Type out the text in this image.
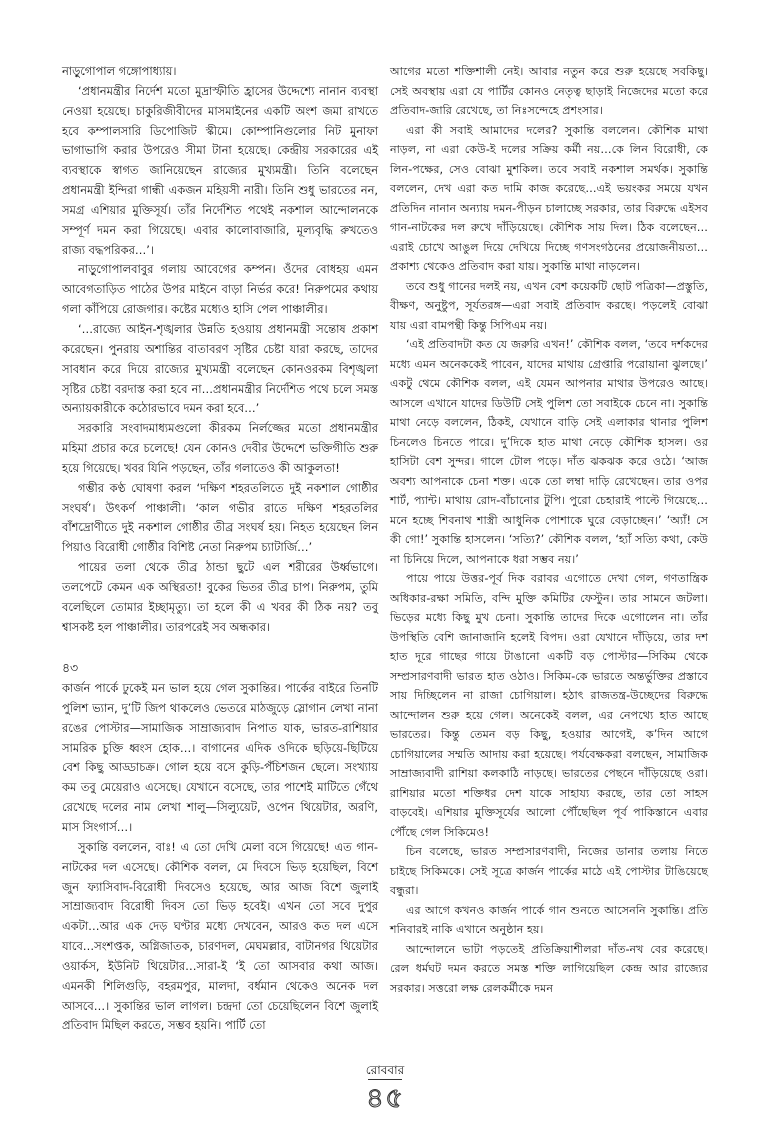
নাড়ুগোপাল গঙ্গোপাধ্যায়।

‘প্রধানমন্ত্রীর নির্দেশ মতো মুদ্রাস্ফীতি হ্রাসের উদ্দেশ্যে নানান ব্যবস্থা নেওয়া হয়েছে। চাকুরিজীবীদের মাসমাইনের একটি অংশ জমা রাখতে হবে কম্পালসারি ডিপোজিট স্কীমে। কোম্পানিগুলোর নিট মুনাফা ভাগাভাগি করার উপরেও সীমা টানা হয়েছে। কেন্দ্রীয় সরকারের এই ব্যবস্থাকে স্বাগত জানিয়েছেন রাজ্যের মুখ্যমন্ত্রী। তিনি বলেছেন প্রধানমন্ত্রী ইন্দিরা গান্ধী একজন মহিয়সী নারী। তিনি শুধু ভারতের নন, সমগ্র এশিয়ার মুক্তিসূর্য। তাঁর নির্দেশিত পথেই নকশাল আন্দোলনকে সম্পূর্ণ দমন করা গিয়েছে। এবার কালোবাজারি, মূল্যবৃদ্ধি রুখতেও রাজ্য বদ্ধপরিকর…’।

নাড়ুগোপালবাবুর গলায় আবেগের কম্পন। ওঁদের বোধহয় এমন আবেগতাড়িত পাঠের উপর মাইনে বাড়া নির্ভর করে! নিরুপমের কথায় গলা কাঁপিয়ে রোজগার। কষ্টের মধ্যেও হাসি পেল পাঞ্চালীর।

‘…রাজ্যে আইন-শৃঙ্খলার উন্নতি হওয়ায় প্রধানমন্ত্রী সন্তোষ প্রকাশ করেছেন। পুনরায় অশান্তির বাতাবরণ সৃষ্টির চেষ্টা যারা করছে, তাদের সাবধান করে দিয়ে রাজ্যের মুখ্যমন্ত্রী বলেছেন কোনওরকম বিশৃঙ্খলা সৃষ্টির চেষ্টা বরদাস্ত করা হবে না…প্রধানমন্ত্রীর নির্দেশিত পথে চলে সমস্ত অন্যায়কারীকে কঠোরভাবে দমন করা হবে…’

সরকারি সংবাদমাধ্যমগুলো কীরকম নির্লজ্জের মতো প্রধানমন্ত্রীর মহিমা প্রচার করে চলেছে! যেন কোনও দেবীর উদ্দেশে ভক্তিগীতি শুরু হয়ে গিয়েছে। খবর যিনি পড়ছেন, তাঁর গলাতেও কী আকুলতা!

গম্ভীর কণ্ঠ ঘোষণা করল ‘দক্ষিণ শহরতলিতে দুই নকশাল গোষ্ঠীর সংঘর্ষ’। উৎকর্ণ পাঞ্চালী। ‘কাল গভীর রাতে দক্ষিণ শহরতলির বাঁশদ্রোণীতে দুই নকশাল গোষ্ঠীর তীব্র সংঘর্ষ হয়। নিহত হয়েছেন লিন পিয়াও বিরোধী গোষ্ঠীর বিশিষ্ট নেতা নিরুপম চ্যাটার্জি…’

পায়ের তলা থেকে তীব্র ঠান্ডা ছুটে এল শরীরের উর্ধ্বভাগে। তলপেটে কেমন এক অস্থিরতা! বুকের ভিতর তীব্র চাপ। নিরুপম, তুমি বলেছিলে তোমার ইচ্ছামৃত্যু। তা হলে কী এ খবর কী ঠিক নয়? তবু শ্বাসকষ্ট হল পাঞ্চালীর। তারপরেই সব অন্ধকার।

৪৩

কার্জন পার্কে ঢুকেই মন ভাল হয়ে গেল সুকান্তির। পার্কের বাইরে তিনটি পুলিশ ভ্যান, দু’টি জিপ থাকলেও ভেতরে মাঠজুড়ে স্লোগান লেখা নানা রঙের পোস্টার—সামাজিক সাম্রাজ্যবাদ নিপাত যাক, ভারত-রাশিয়ার সামরিক চুক্তি ধ্বংস হোক…। বাগানের এদিক ওদিকে ছড়িয়ে-ছিটিয়ে বেশ কিছু আড্ডাচক্র। গোল হয়ে বসে কুড়ি-পঁচিশজন ছেলে। সংখ্যায় কম তবু মেয়েরাও এসেছে। যেখানে বসেছে, তার পাশেই মাটিতে গেঁথে রেখেছে দলের নাম লেখা শালু—সিল্যুয়েট, ওপেন থিয়েটার, অরণি, মাস সিংগার্স…।

সুকান্তি বললেন, বাঃ! এ তো দেখি মেলা বসে গিয়েছে! এত গান-নাটকের দল এসেছে। কৌশিক বলল, মে দিবসে ভিড় হয়েছিল, বিশে জুন ফ্যাসিবাদ-বিরোধী দিবসেও হয়েছে, আর আজ বিশে জুলাই সাম্রাজ্যবাদ বিরোধী দিবস তো ভিড় হবেই। এখন তো সবে দুপুর একটা…আর এক দেড় ঘণ্টার মধ্যে দেখবেন, আরও কত দল এসে যাবে…সংশপ্তক, অগ্নিজাতক, চারণদল, মেঘমল্লার, বাটানগর থিয়েটার ওয়ার্কস, ইউনিট থিয়েটার…সারা-ই ‘ই তো আসবার কথা আজ। এমনকী শিলিগুড়ি, বহরমপুর, মালদা, বর্ধমান থেকেও অনেক দল আসবে…। সুকান্তির ভাল লাগল। চন্দ্রদা তো চেয়েছিলেন বিশে জুলাই প্রতিবাদ মিছিল করতে, সম্ভব হয়নি। পার্টি তো

আগের মতো শক্তিশালী নেই। আবার নতুন করে শুরু হয়েছে সবকিছু। সেই অবস্থায় এরা যে পার্টির কোনও নেতৃত্ব ছাড়াই নিজেদের মতো করে প্রতিবাদ-জারি রেখেছে, তা নিঃসন্দেহে প্রশংসার।

এরা কী সবাই আমাদের দলের? সুকান্তি বললেন। কৌশিক মাথা নাড়ল, না এরা কেউ-ই দলের সক্রিয় কর্মী নয়…কে লিন বিরোধী, কে লিন-পক্ষের, সেও বোঝা মুশকিল। তবে সবাই নকশাল সমর্থক। সুকান্তি বললেন, দেখ এরা কত দামি কাজ করেছে…এই ভয়ংকর সময়ে যখন প্রতিদিন নানান অন্যায় দমন-পীড়ন চালাচ্ছে সরকার, তার বিরুদ্ধে এইসব গান-নাটকের দল রুখে দাঁড়িয়েছে। কৌশিক সায় দিল। ঠিক বলেছেন…এরাই চোখে আঙুল দিয়ে দেখিয়ে দিচ্ছে গণসংগঠনের প্রয়োজনীয়তা…প্রকাশ্য থেকেও প্রতিবাদ করা যায়। সুকান্তি মাথা নাড়লেন।

তবে শুধু গানের দলই নয়, এখন বেশ কয়েকটি ছোট পত্রিকা—প্রস্তুতি, বীক্ষণ, অনুষ্টুপ, সূর্যতরঙ্গ—এরা সবাই প্রতিবাদ করছে। পড়লেই বোঝা যায় এরা বামপন্থী কিন্তু সিপিএম নয়।

‘এই প্রতিবাদটা কত যে জরুরি এখন!’ কৌশিক বলল, ‘তবে দর্শকদের মধ্যে এমন অনেককেই পাবেন, যাদের মাথায় গ্রেপ্তারি পরোয়ানা ঝুলছে।’ একটু থেমে কৌশিক বলল, এই যেমন আপনার মাথার উপরেও আছে। আসলে এখানে যাদের ডিউটি সেই পুলিশ তো সবাইকে চেনে না। সুকান্তি মাথা নেড়ে বললেন, ঠিকই, যেখানে বাড়ি সেই এলাকার থানার পুলিশ চিনলেও চিনতে পারে। দু’দিকে হাত মাথা নেড়ে কৌশিক হাসল। ওর হাসিটা বেশ সুন্দর। গালে টোল পড়ে। দাঁত ঝকঝক করে ওঠে। ‘আজ অবশ্য আপনাকে চেনা শক্ত। একে তো লম্বা দাড়ি রেখেছেন। তার ওপর শার্ট, প্যান্ট। মাথায় রোদ-বাঁচানোর টুপি। পুরো চেহারাই পাল্টে গিয়েছে…মনে হচ্ছে শিবনাথ শাস্ত্রী আধুনিক পোশাকে ঘুরে বেড়াচ্ছেন।’ ‘অ্যাঁ! সে কী গো!’ সুকান্তি হাসলেন। ‘সত্যি?’ কৌশিক বলল, ‘হ্যাঁ সত্যি কথা, কেউ না চিনিয়ে দিলে, আপনাকে ধরা সম্ভব নয়।’

পায়ে পায়ে উত্তর-পূর্ব দিক বরাবর এগোতে দেখা গেল, গণতান্ত্রিক অধিকার-রক্ষা সমিতি, বন্দি মুক্তি কমিটির ফেস্টুন। তার সামনে জটলা। ভিড়ের মধ্যে কিছু মুখ চেনা। সুকান্তি তাদের দিকে এগোলেন না। তাঁর উপস্থিতি বেশি জানাজানি হলেই বিপদ। ওরা যেখানে দাঁড়িয়ে, তার দশ হাত দূরে গাছের গায়ে টাঙানো একটি বড় পোস্টার—সিকিম থেকে সম্প্রসারণবাদী ভারত হাত ওঠাও। সিকিম-কে ভারতে অন্তর্ভুক্তির প্রস্তাবে সায় দিচ্ছিলেন না রাজা চোগিয়াল। হঠাৎ রাজতন্ত্র-উচ্ছেদের বিরুদ্ধে আন্দোলন শুরু হয়ে গেল। অনেকেই বলল, এর নেপথ্যে হাত আছে ভারতের। কিন্তু তেমন বড় কিছু, হওয়ার আগেই, ক’দিন আগে চোগিয়ালের সম্মতি আদায় করা হয়েছে। পর্যবেক্ষকরা বলছেন, সামাজিক সাম্রাজ্যবাদী রাশিয়া কলকাঠি নাড়ছে। ভারতের পেছনে দাঁড়িয়েছে ওরা। রাশিয়ার মতো শক্তিধর দেশ যাকে সাহায্য করছে, তার তো সাহস বাড়বেই। এশিয়ার মুক্তিসূর্যের আলো পৌঁছেছিল পূর্ব পাকিস্তানে এবার পৌঁছে গেল সিকিমেও!

চিন বলেছে, ভারত সম্প্রসারণবাদী, নিজের ডানার তলায় নিতে চাইছে সিকিমকে। সেই সূত্রে কার্জন পার্কের মাঠে এই পোস্টার টাঙিয়েছে বন্ধুরা।

এর আগে কখনও কার্জন পার্কে গান শুনতে আসেননি সুকান্তি। প্রতি শনিবারই নাকি এখানে অনুষ্ঠান হয়।

আন্দোলনে ভাটা পড়তেই প্রতিক্রিয়াশীলরা দাঁত-নখ বের করেছে। রেল ধর্মঘট দমন করতে সমস্ত শক্তি লাগিয়েছিল কেন্দ্র আর রাজ্যের সরকার। সত্তরো লক্ষ রেলকর্মীকে দমন

রোববার
৪৫
